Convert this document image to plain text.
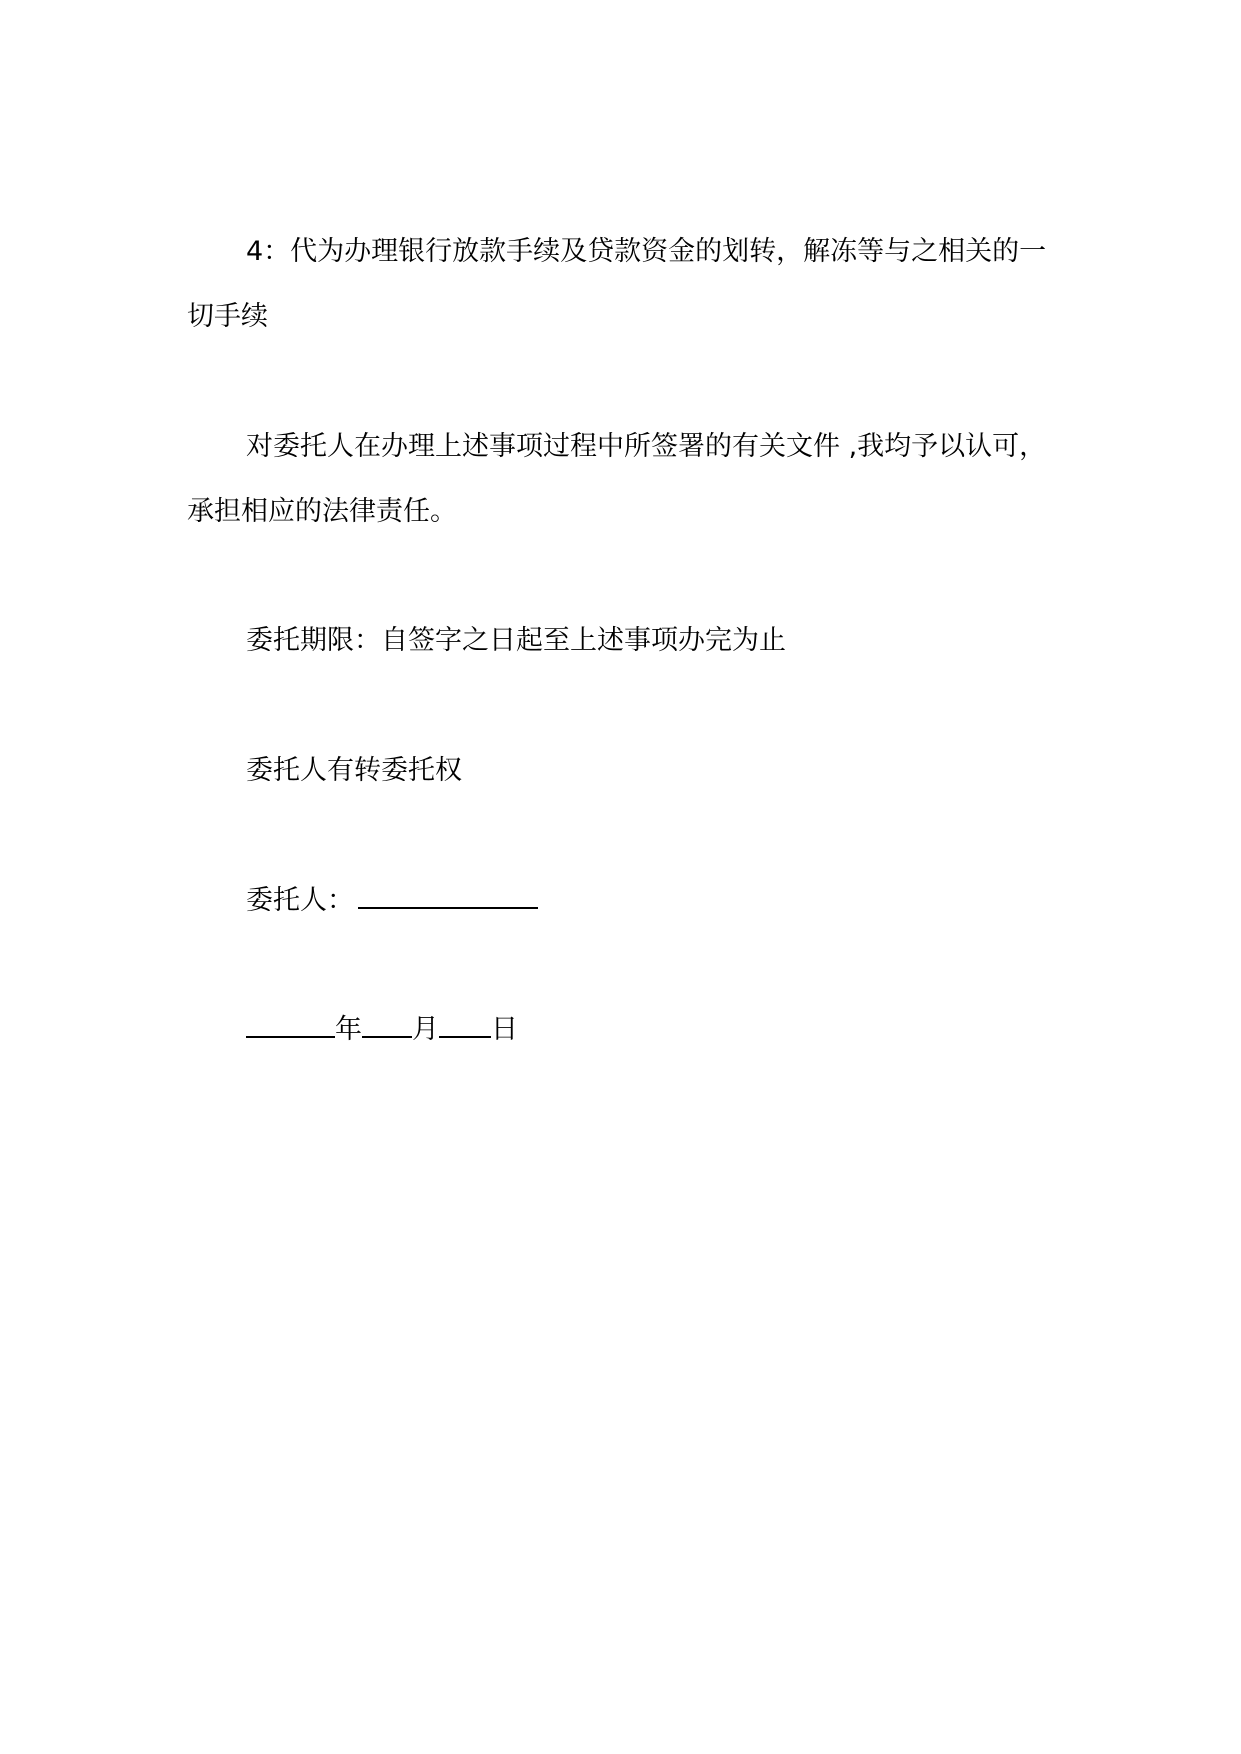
4：代为办理银行放款手续及贷款资金的划转，解冻等与之相关的一切手续

对委托人在办理上述事项过程中所签署的有关文件 ,我均予以认可，承担相应的法律责任。

委托期限：自签字之日起至上述事项办完为止

委托人有转委托权

委托人：

年 月 日
